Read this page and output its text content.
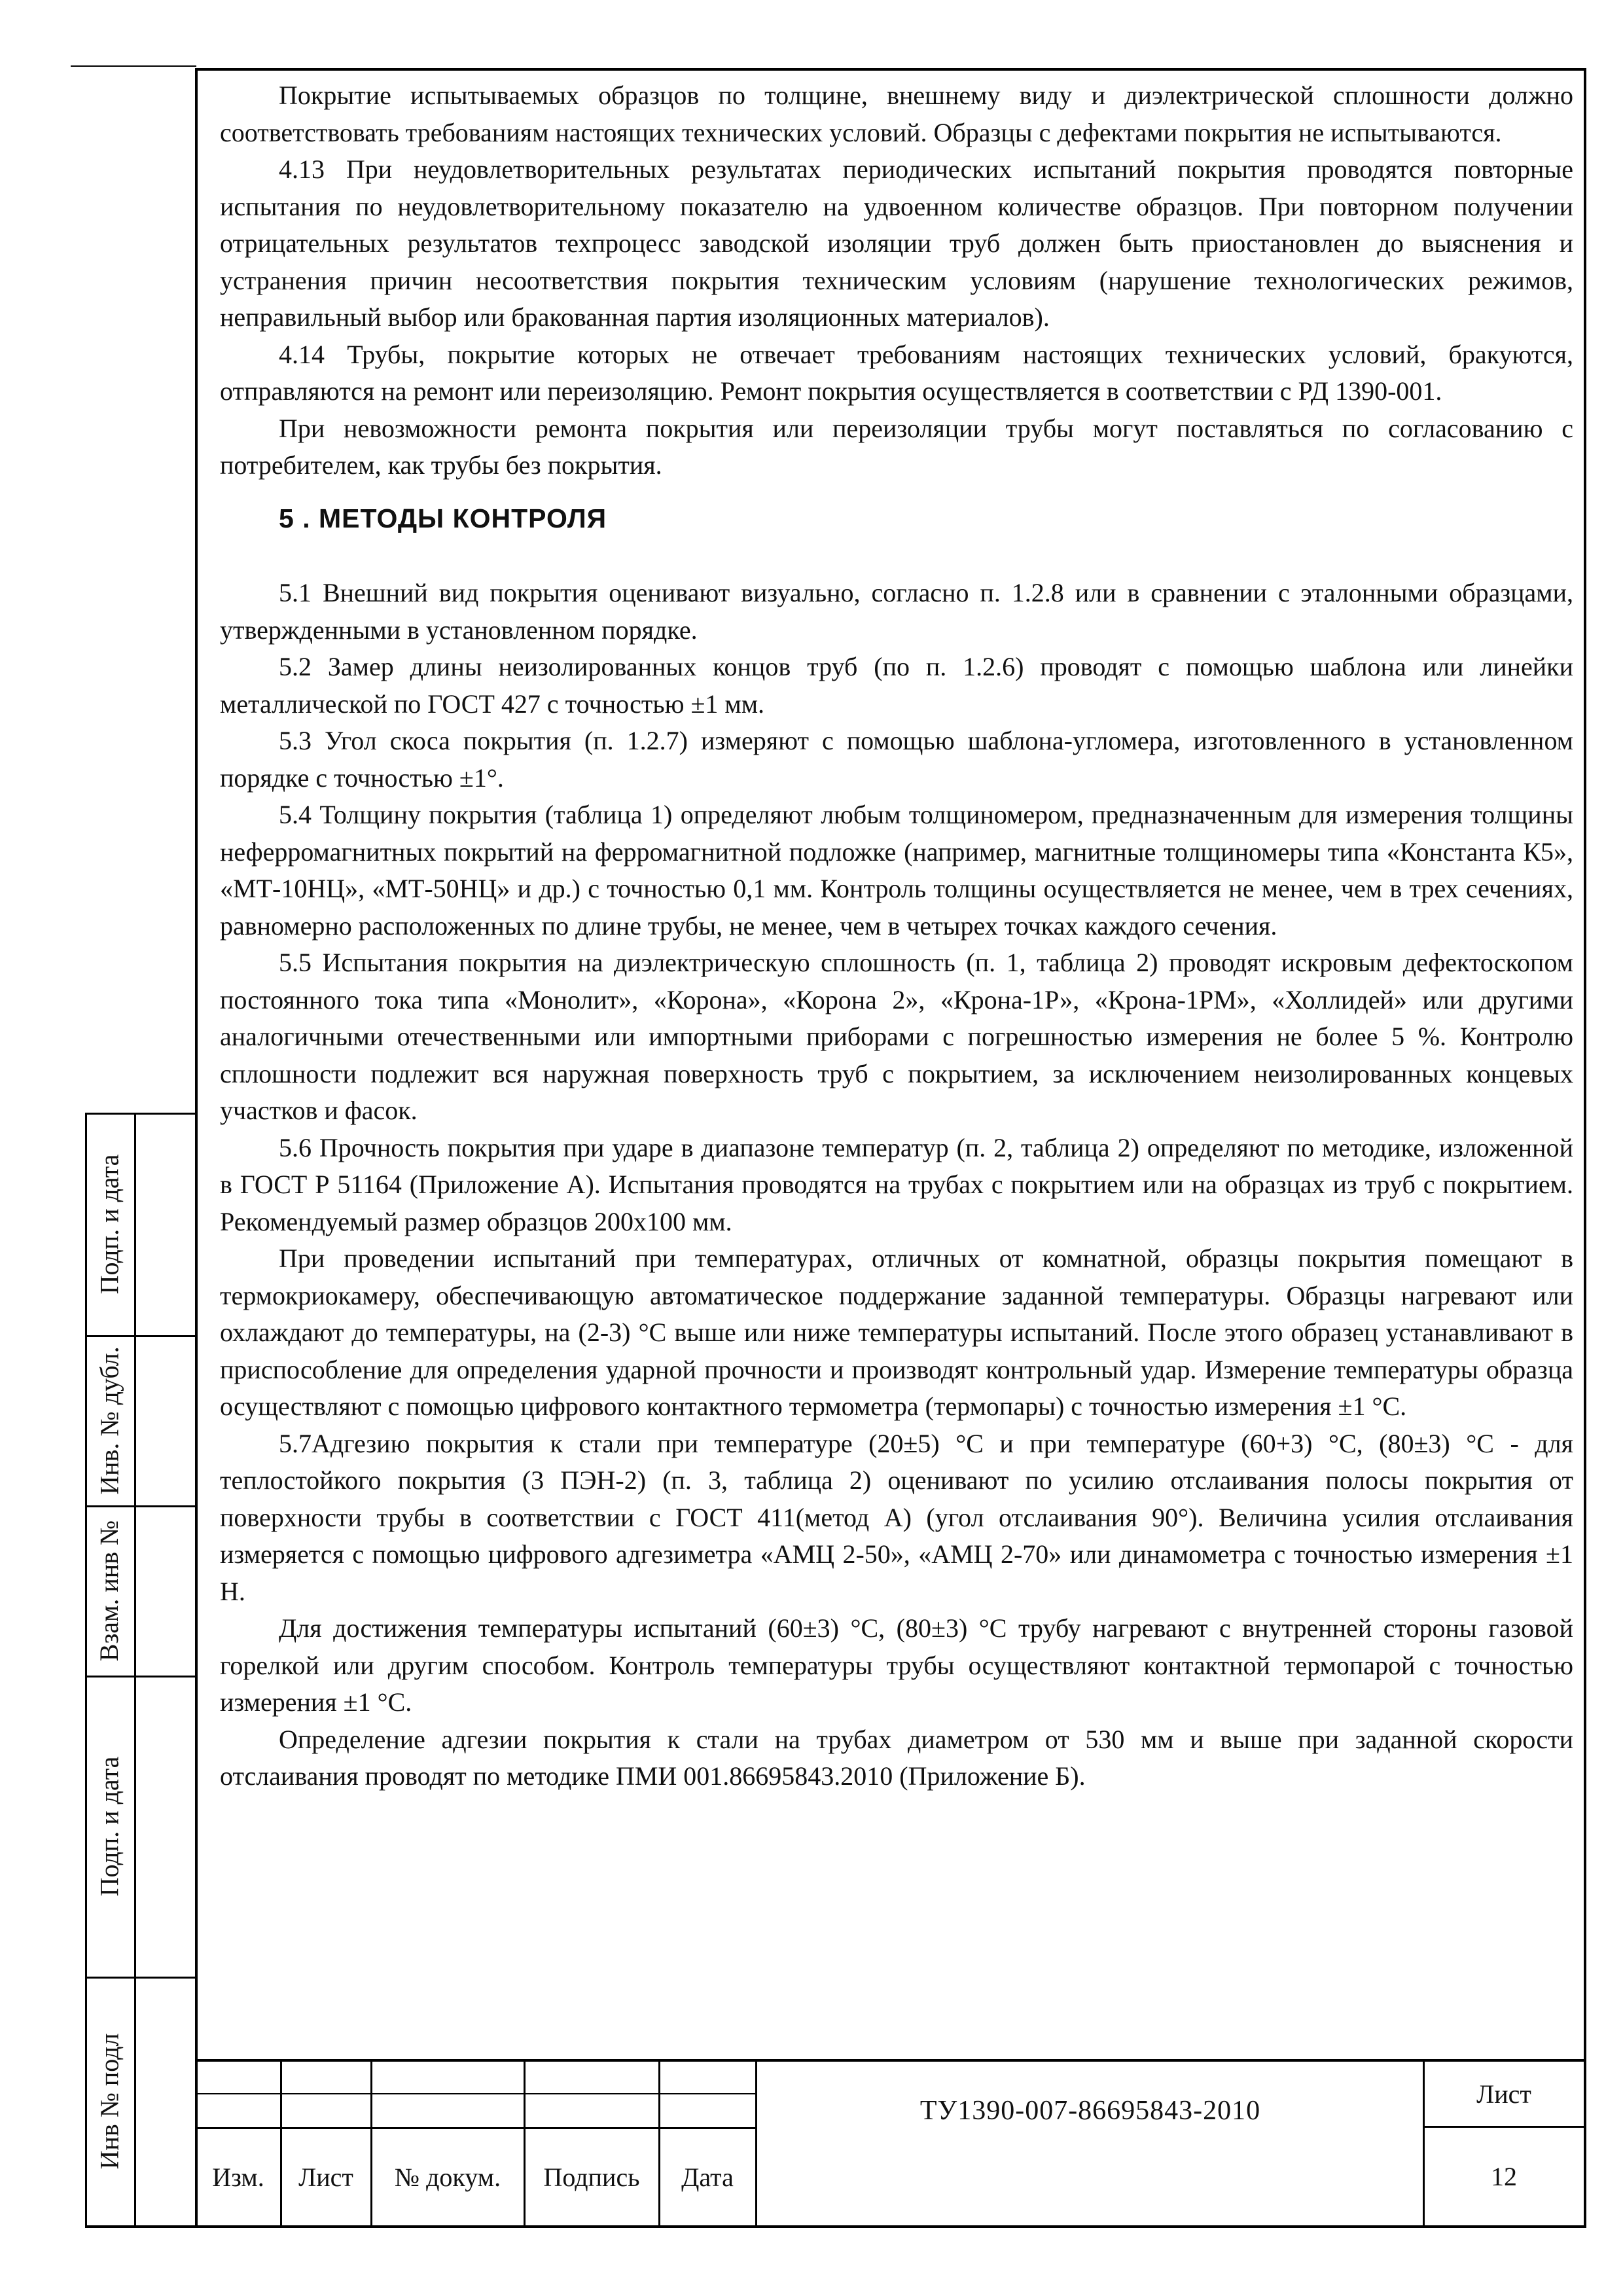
Покрытие испытываемых образцов по толщине, внешнему виду и диэлектрической сплошности должно соответствовать требованиям настоящих технических условий. Образцы с дефектами покрытия не испытываются.

4.13 При неудовлетворительных результатах периодических испытаний покрытия проводятся повторные испытания по неудовлетворительному показателю на удвоенном количестве образцов. При повторном получении отрицательных результатов техпроцесс заводской изоляции труб должен быть приостановлен до выяснения и устранения причин несоответствия покрытия техническим условиям (нарушение технологических режимов, неправильный выбор или бракованная партия изоляционных материалов).

4.14 Трубы, покрытие которых не отвечает требованиям настоящих технических условий, бракуются, отправляются на ремонт или переизоляцию. Ремонт покрытия осуществляется в соответствии с РД 1390-001.

При невозможности ремонта покрытия или переизоляции трубы могут поставляться по согласованию с потребителем, как трубы без покрытия.

5 . МЕТОДЫ КОНТРОЛЯ

5.1 Внешний вид покрытия оценивают визуально, согласно п. 1.2.8 или в сравнении с эталонными образцами, утвержденными в установленном порядке.

5.2 Замер длины неизолированных концов труб (по п. 1.2.6) проводят с помощью шаблона или линейки металлической по ГОСТ 427 с точностью ±1 мм.

5.3 Угол скоса покрытия (п. 1.2.7) измеряют с помощью шаблона-угломера, изготовленного в установленном порядке с точностью ±1°.

5.4 Толщину покрытия (таблица 1) определяют любым толщиномером, предназначенным для измерения толщины неферромагнитных покрытий на ферромагнитной подложке (например, магнитные толщиномеры типа «Константа К5», «МТ-10НЦ», «МТ-50НЦ» и др.) с точностью 0,1 мм. Контроль толщины осуществляется не менее, чем в трех сечениях, равномерно расположенных по длине трубы, не менее, чем в четырех точках каждого сечения.

5.5 Испытания покрытия на диэлектрическую сплошность (п. 1, таблица 2) проводят искровым дефектоскопом постоянного тока типа «Монолит», «Корона», «Корона 2», «Крона-1Р», «Крона-1РМ», «Холлидей» или другими аналогичными отечественными или импортными приборами с погрешностью измерения не более 5 %. Контролю сплошности подлежит вся наружная поверхность труб с покрытием, за исключением неизолированных концевых участков и фасок.

5.6 Прочность покрытия при ударе в диапазоне температур (п. 2, таблица 2) определяют по методике, изложенной в ГОСТ Р 51164 (Приложение А). Испытания проводятся на трубах с покрытием или на образцах из труб с покрытием. Рекомендуемый размер образцов 200х100 мм.

При проведении испытаний при температурах, отличных от комнатной, образцы покрытия помещают в термокриокамеру, обеспечивающую автоматическое поддержание заданной температуры. Образцы нагревают или охлаждают до температуры, на (2-3) °С выше или ниже температуры испытаний. После этого образец устанавливают в приспособление для определения ударной прочности и производят контрольный удар. Измерение температуры образца осуществляют с помощью цифрового контактного термометра (термопары) с точностью измерения ±1 °С.

5.7Адгезию покрытия к стали при температуре (20±5) °С и при температуре (60+3) °С, (80±3) °С - для теплостойкого покрытия (3 ПЭН-2) (п. 3, таблица 2) оценивают по усилию отслаивания полосы покрытия от поверхности трубы в соответствии с ГОСТ 411(метод А) (угол отслаивания 90°). Величина усилия отслаивания измеряется с помощью цифрового адгезиметра «АМЦ 2-50», «АМЦ 2-70» или динамометра с точностью измерения ±1 Н.

Для достижения температуры испытаний (60±3) °С, (80±3) °С трубу нагревают с внутренней стороны газовой горелкой или другим способом. Контроль температуры трубы осуществляют контактной термопарой с точностью измерения ±1 °С.

Определение адгезии покрытия к стали на трубах диаметром от 530 мм и выше при заданной скорости отслаивания проводят по методике ПМИ 001.86695843.2010 (Приложение Б).

Подп. и дата
Инв. № дубл.
Взам. инв №
Подп. и дата
Инв № подл
Изм.	Лист	№ докум.	Подпись	Дата
ТУ1390-007-86695843-2010
Лист
12
